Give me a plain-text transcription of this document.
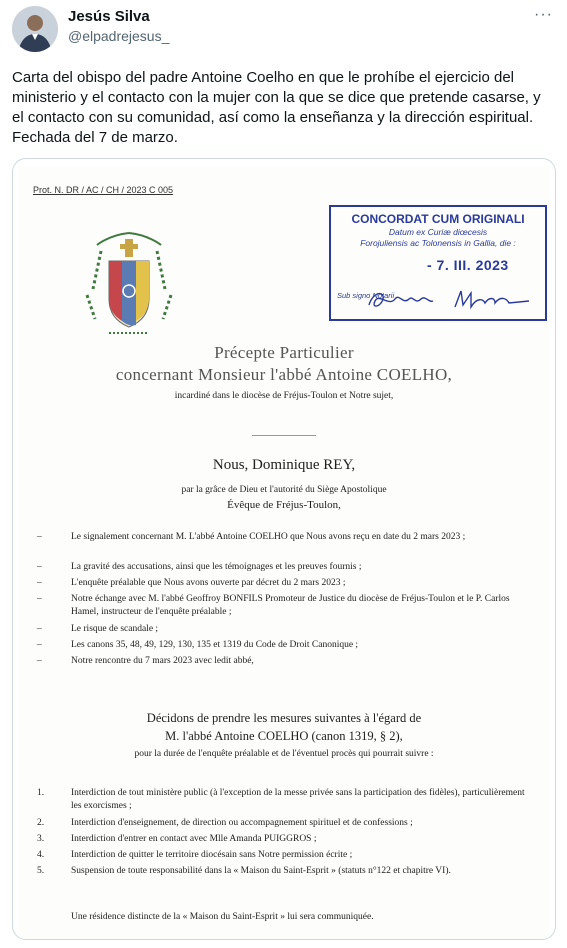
Jesús Silva
@elpadrejesus_
···
Carta del obispo del padre Antoine Coelho en que le prohíbe el ejercicio del ministerio y el contacto con la mujer con la que se dice que pretende casarse, y el contacto con su comunidad, así como la enseñanza y la dirección espiritual. Fechada del 7 de marzo.
Prot. N. DR / AC / CH / 2023 C 005
CONCORDAT CUM ORIGINALI
Datum ex Curiæ diœcesis
Forojuliensis ac Tolonensis in Gallia, die :
- 7. III. 2023
Sub signo Notarii
Précepte Particulier
concernant Monsieur l'abbé Antoine COELHO,
incardiné dans le diocèse de Fréjus-Toulon et Notre sujet,
Nous, Dominique REY,
par la grâce de Dieu et l'autorité du Siège Apostolique
Évêque de Fréjus-Toulon,
–	Le signalement concernant M. L'abbé Antoine COELHO que Nous avons reçu en date du 2 mars 2023 ;
–	La gravité des accusations, ainsi que les témoignages et les preuves fournis ;
–	L'enquête préalable que Nous avons ouverte par décret du 2 mars 2023 ;
–	Notre échange avec M. l'abbé Geoffroy BONFILS Promoteur de Justice du diocèse de Fréjus-Toulon et le P. Carlos Hamel, instructeur de l'enquête préalable ;
–	Le risque de scandale ;
–	Les canons 35, 48, 49, 129, 130, 135 et 1319 du Code de Droit Canonique ;
–	Notre rencontre du 7 mars 2023 avec ledit abbé,
Décidons de prendre les mesures suivantes à l'égard de
M. l'abbé Antoine COELHO (canon 1319, § 2),
pour la durée de l'enquête préalable et de l'éventuel procès qui pourrait suivre :
1.	Interdiction de tout ministère public (à l'exception de la messe privée sans la participation des fidèles), particulièrement les exorcismes ;
2.	Interdiction d'enseignement, de direction ou accompagnement spirituel et de confessions ;
3.	Interdiction d'entrer en contact avec Mlle Amanda PUIGGROS ;
4.	Interdiction de quitter le territoire diocésain sans Notre permission écrite ;
5.	Suspension de toute responsabilité dans la « Maison du Saint-Esprit » (statuts n°122 et chapitre VI).
Une résidence distincte de la « Maison du Saint-Esprit » lui sera communiquée.
